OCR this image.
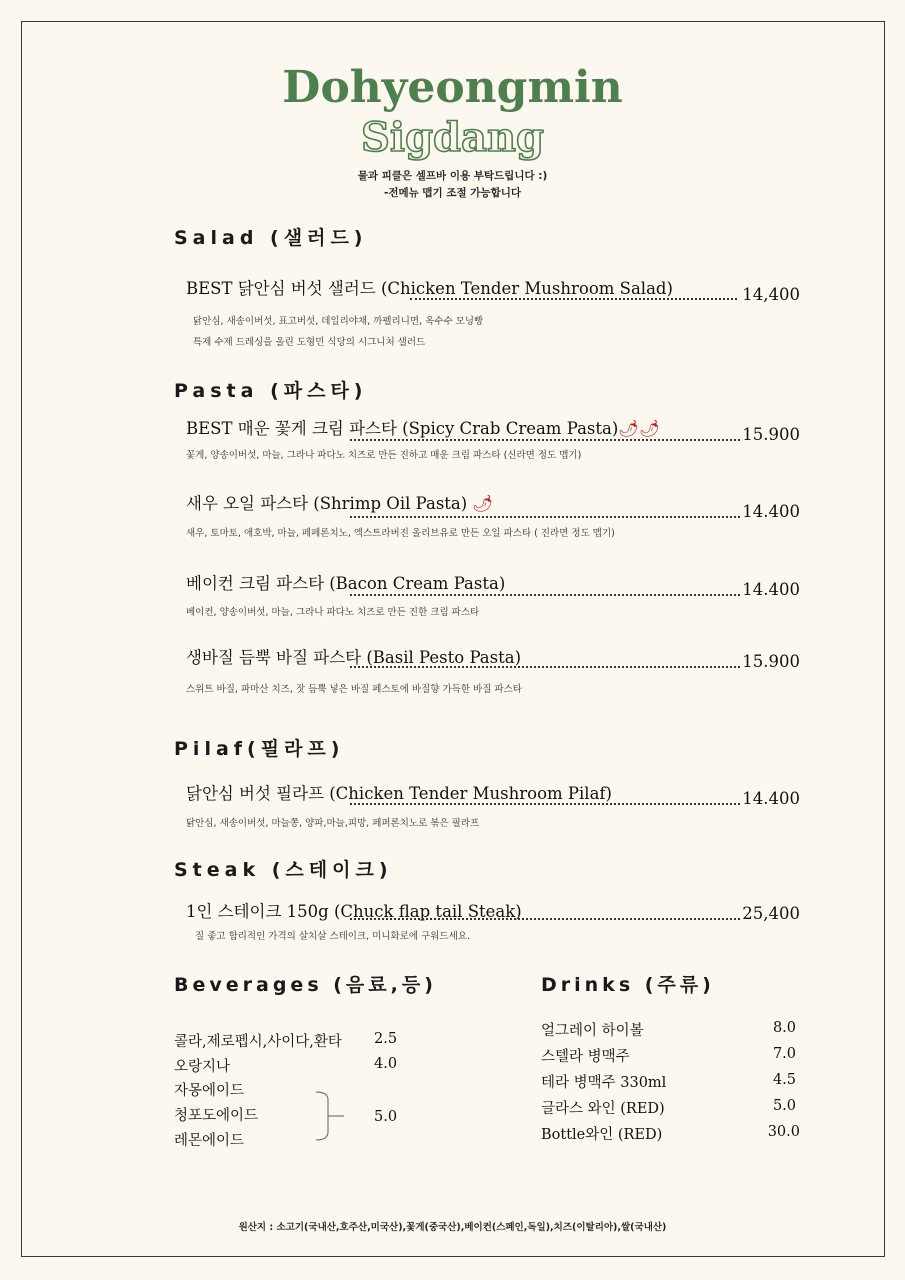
Dohyeongmin
Sigdang
물과 피클은 셀프바 이용 부탁드립니다 :)
-전메뉴 맵기 조절 가능합니다
Salad (샐러드)
BEST 닭안심 버섯 샐러드 (Chicken Tender Mushroom Salad)	14,400
닭안심, 새송이버섯, 표고버섯, 데일리야채, 까펠리니면, 옥수수 모닝빵
특제 수제 드레싱을 올린 도형민 식당의 시그니처 샐러드
Pasta (파스타)
BEST 매운 꽃게 크림 파스타 (Spicy Crab Cream Pasta)🌶🌶	15.900
꽃게, 양송이버섯, 마늘, 그라나 파다노 치즈로 만든 진하고 매운 크림 파스타 (신라면 정도 맵기)
새우 오일 파스타 (Shrimp Oil Pasta) 🌶	14.400
새우, 토마토, 애호박, 마늘, 페페론치노, 엑스트라버진 올리브유로 만든 오일 파스타 ( 진라면 정도 맵기)
베이컨 크림 파스타 (Bacon Cream Pasta)	14.400
베이컨, 양송이버섯, 마늘, 그라나 파다노 치즈로 만든 진한 크림 파스타
생바질 듬뿍 바질 파스타 (Basil Pesto Pasta)	15.900
스위트 바질, 파마산 치즈, 잣 듬뿍 넣은 바질 페스토에 바질향 가득한 바질 파스타
Pilaf(필라프)
닭안심 버섯 필라프 (Chicken Tender Mushroom Pilaf)	14.400
닭안심, 새송이버섯, 마늘쫑, 양파,마늘,피망, 페퍼론치노로 볶은 필라프
Steak (스테이크)
1인 스테이크 150g (Chuck flap tail Steak)	25,400
질 좋고 합리적인 가격의 살치살 스테이크, 미니화로에 구워드세요.
Beverages (음료,등)
콜라,제로펩시,사이다,환타 2.5
오랑지나	4.0
자몽에이드
청포도에이드
레몬에이드
5.0
Drinks (주류)
얼그레이 하이볼	8.0
스텔라 병맥주	7.0
테라 병맥주 330ml	4.5
글라스 와인 (RED)	5.0
Bottle와인 (RED)	30.0
원산지 : 소고기(국내산,호주산,미국산),꽃게(중국산),베이컨(스페인,독일),치즈(이탈리아),쌀(국내산)
